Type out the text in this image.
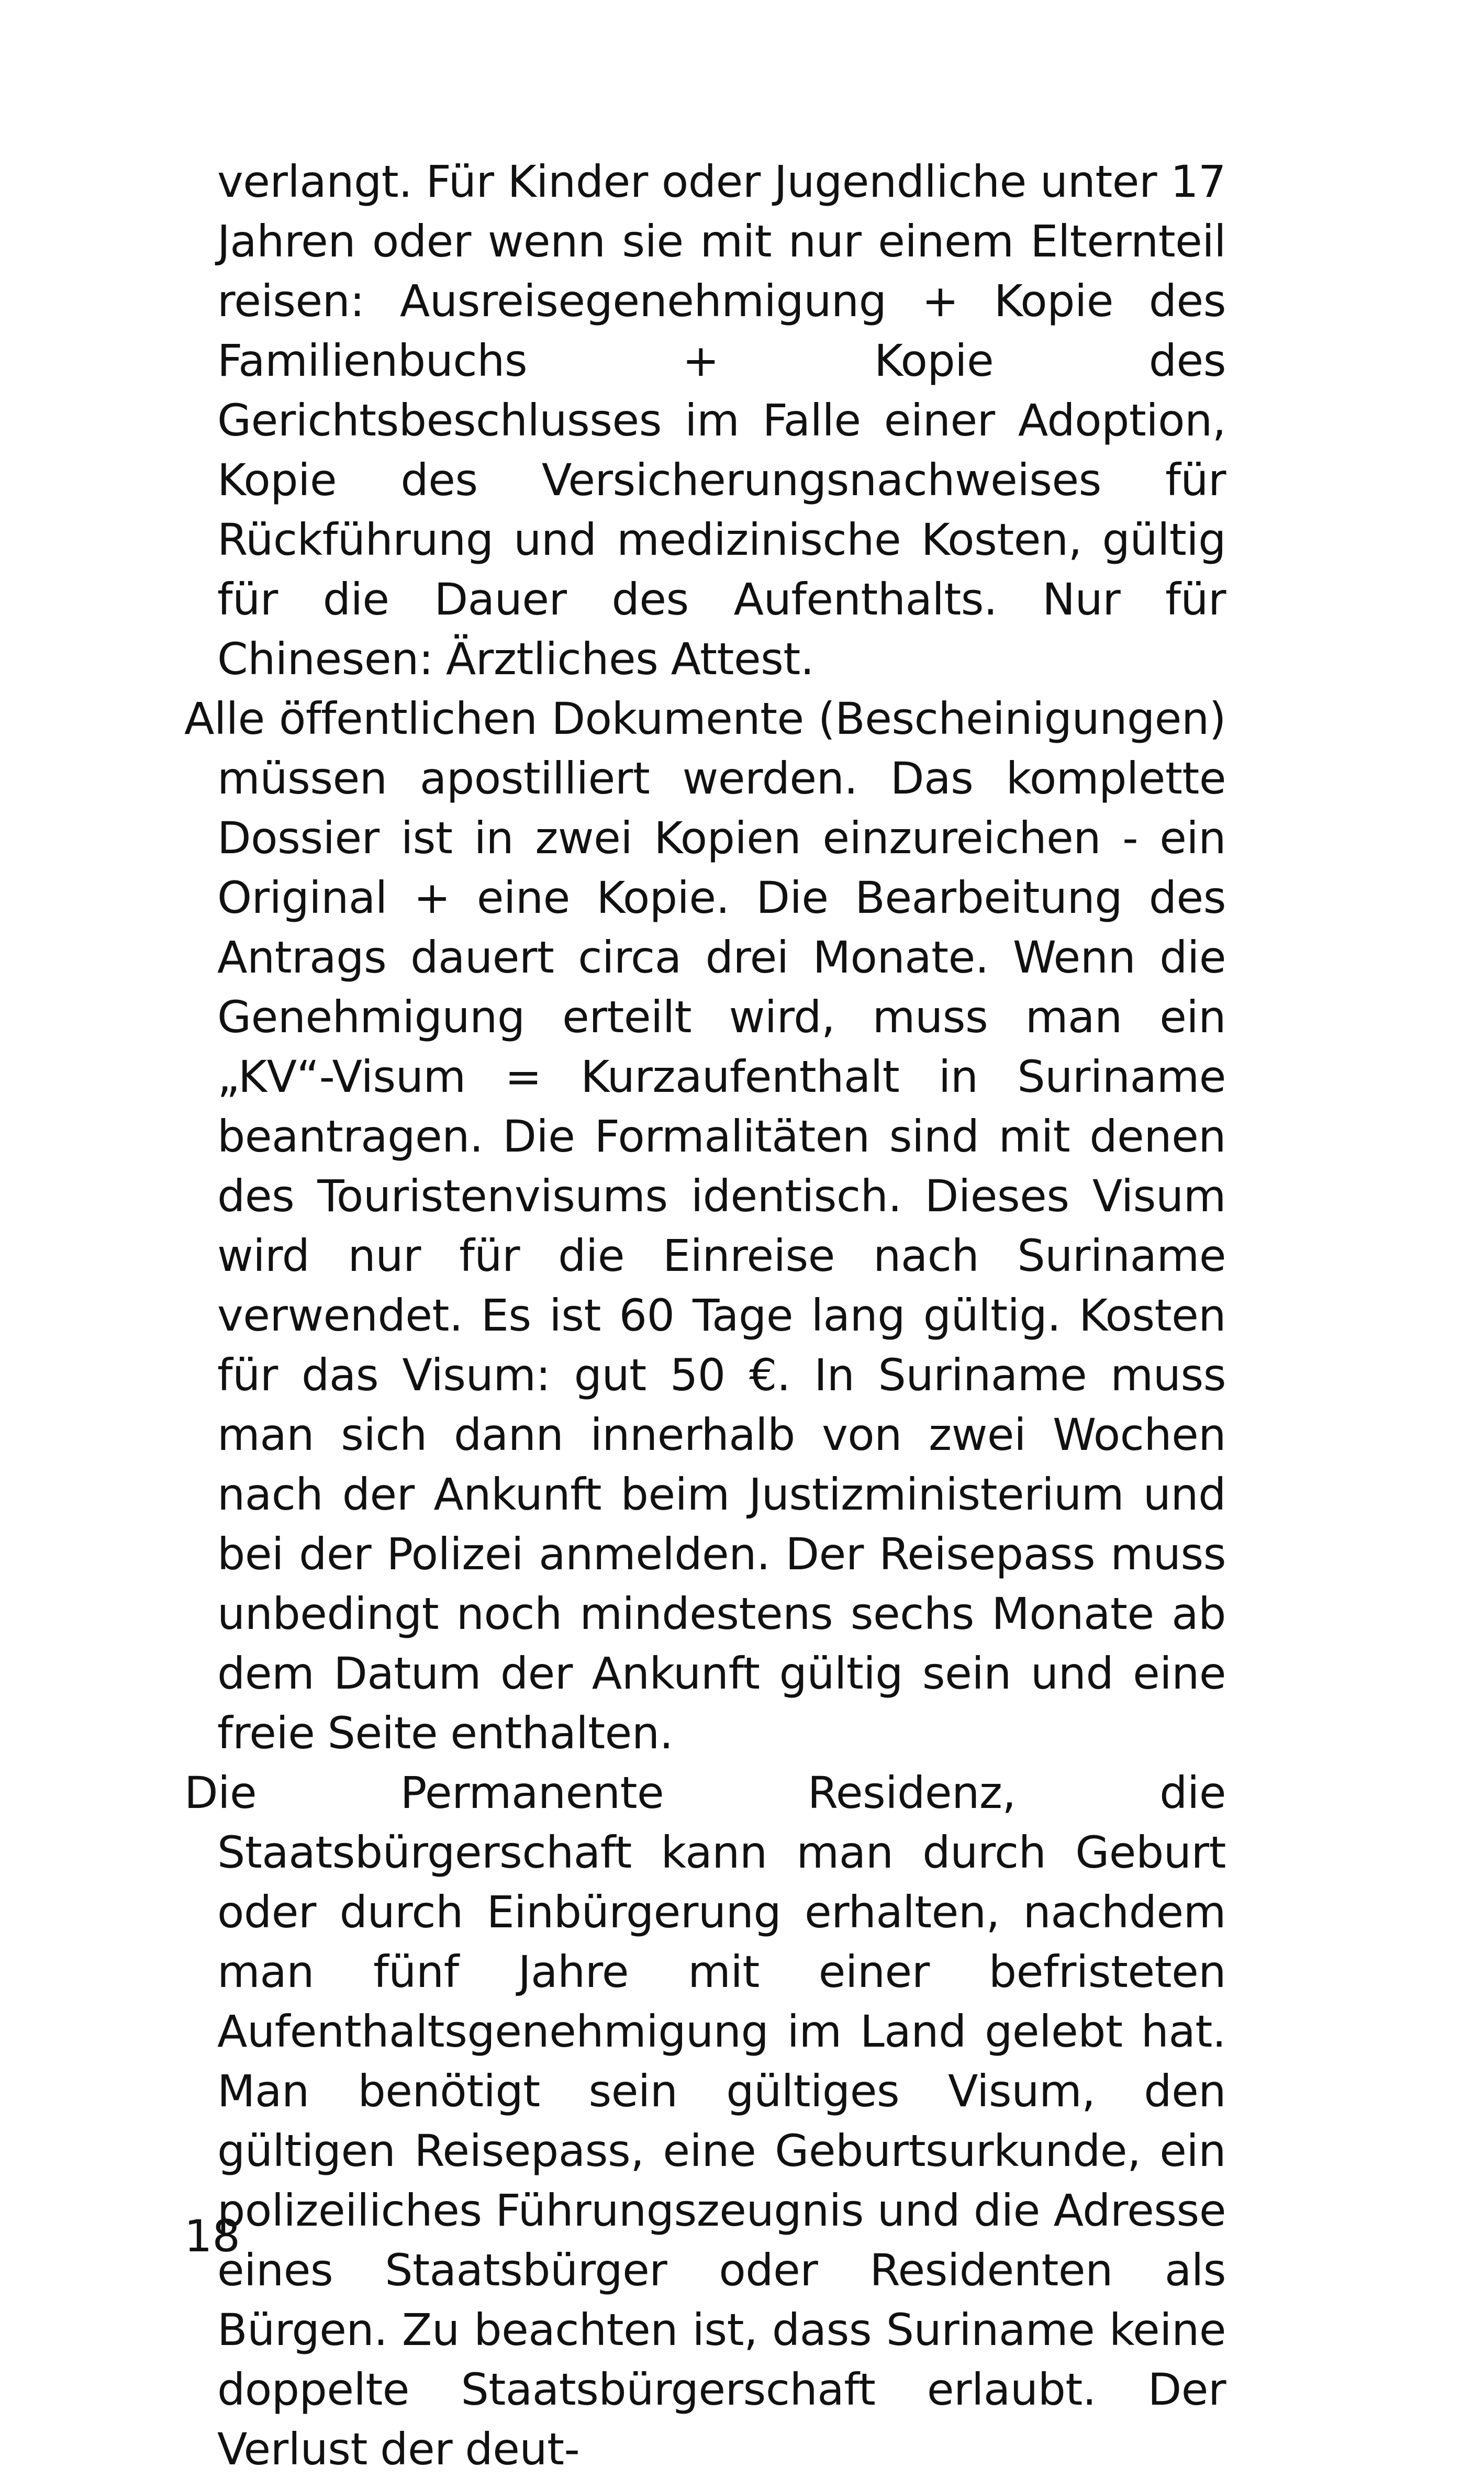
verlangt. Für Kinder oder Jugendliche unter 17 Jahren oder wenn sie mit nur einem Elternteil reisen: Ausreisegenehmigung + Kopie des Familienbuchs + Kopie des Gerichtsbeschlusses im Falle einer Adoption, Kopie des Versicherungsnachweises für Rückführung und medizinische Kosten, gültig für die Dauer des Aufenthalts. Nur für Chinesen: Ärztliches Attest.

Alle öffentlichen Dokumente (Bescheinigungen) müssen apostilliert werden. Das komplette Dossier ist in zwei Kopien einzureichen - ein Original + eine Kopie. Die Bearbeitung des Antrags dauert circa drei Monate. Wenn die Genehmigung erteilt wird, muss man ein „KV“-Visum = Kurzaufenthalt in Suriname beantragen. Die Formalitäten sind mit denen des Touristenvisums identisch. Dieses Visum wird nur für die Einreise nach Suriname verwendet. Es ist 60 Tage lang gültig. Kosten für das Visum: gut 50 €. In Suriname muss man sich dann innerhalb von zwei Wochen nach der Ankunft beim Justizministerium und bei der Polizei anmelden. Der Reisepass muss unbedingt noch mindestens sechs Monate ab dem Datum der Ankunft gültig sein und eine freie Seite enthalten.

Die Permanente Residenz, die Staatsbürgerschaft kann man durch Geburt oder durch Einbürgerung erhalten, nachdem man fünf Jahre mit einer befristeten Aufenthaltsgenehmigung im Land gelebt hat. Man benötigt sein gültiges Visum, den gültigen Reisepass, eine Geburtsurkunde, ein polizeiliches Führungszeugnis und die Adresse eines Staatsbürger oder Residenten als Bürgen. Zu beachten ist, dass Suriname keine doppelte Staatsbürgerschaft erlaubt. Der Verlust der deut-

18
